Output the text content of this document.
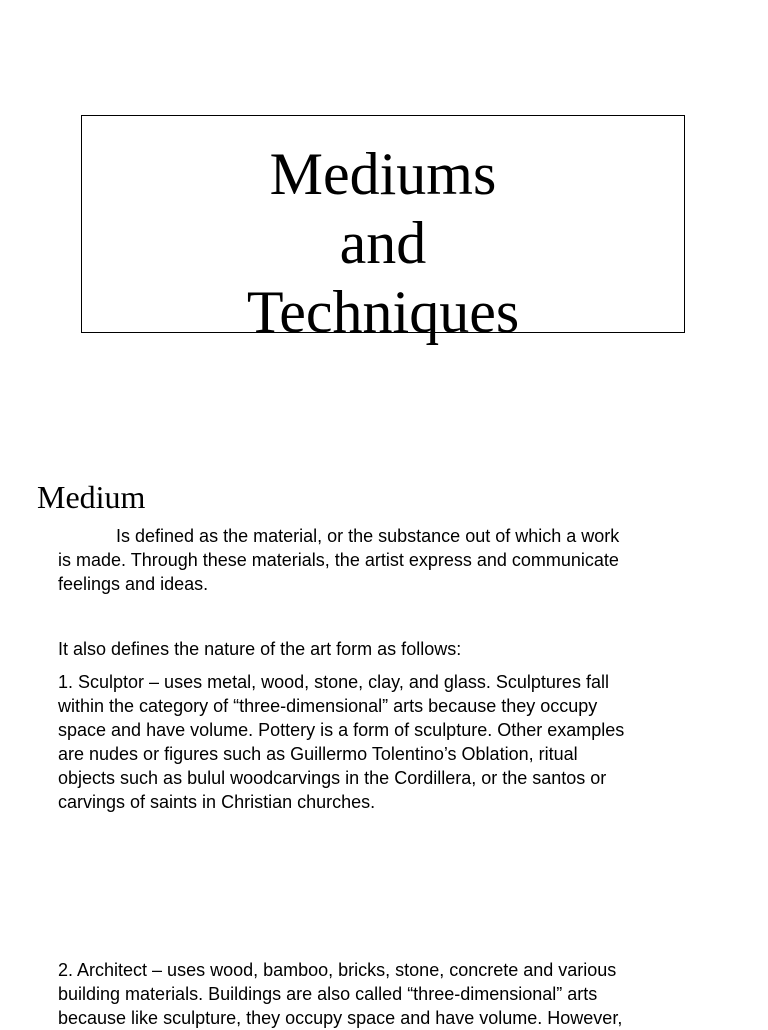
Mediums
and
Techniques
Medium
Is defined as the material, or the substance out of which a work
is made. Through these materials, the artist express and communicate
feelings and ideas.
It also defines the nature of the art form as follows:
1. Sculptor – uses metal, wood, stone, clay, and glass. Sculptures fall
within the category of “three-dimensional” arts because they occupy
space and have volume. Pottery is a form of sculpture. Other examples
are nudes or figures such as Guillermo Tolentino’s Oblation, ritual
objects such as bulul woodcarvings in the Cordillera, or the santos or
carvings of saints in Christian churches.
2. Architect – uses wood, bamboo, bricks, stone, concrete and various
building materials. Buildings are also called “three-dimensional” arts
because like sculpture, they occupy space and have volume. However,
